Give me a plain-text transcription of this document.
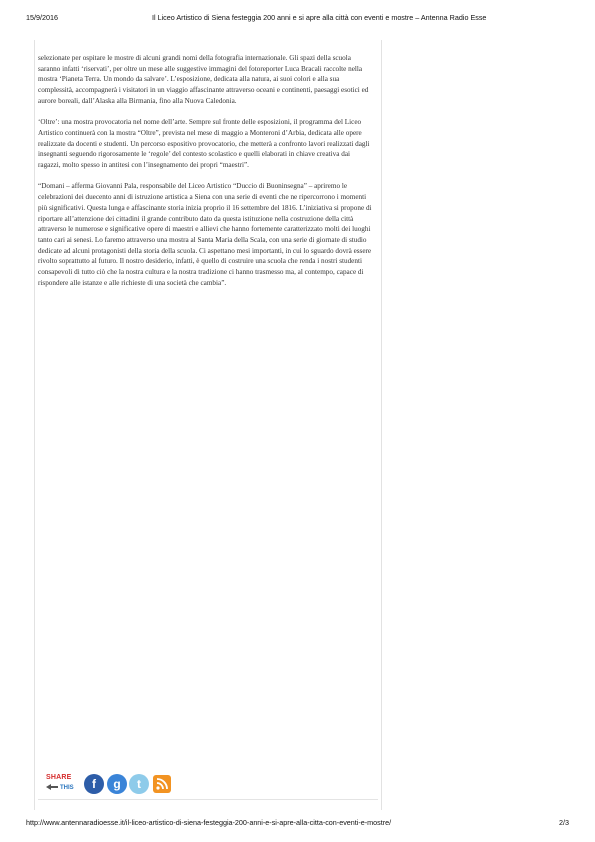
15/9/2016	Il Liceo Artistico di Siena festeggia 200 anni e si apre alla città con eventi e mostre – Antenna Radio Esse

selezionate per ospitare le mostre di alcuni grandi nomi della fotografia internazionale. Gli spazi della scuola saranno infatti ‘riservati’, per oltre un mese alle suggestive immagini del fotoreporter Luca Bracali raccolte nella mostra ‘Pianeta Terra. Un mondo da salvare’. L’esposizione, dedicata alla natura, ai suoi colori e alla sua complessità, accompagnerà i visitatori in un viaggio affascinante attraverso oceani e continenti, paesaggi esotici ed aurore boreali, dall’Alaska alla Birmania, fino alla Nuova Caledonia.

‘Oltre’: una mostra provocatoria nel nome dell’arte. Sempre sul fronte delle esposizioni, il programma del Liceo Artistico continuerà con la mostra “Oltre”, prevista nel mese di maggio a Monteroni d’Arbia, dedicata alle opere realizzate da docenti e studenti. Un percorso espositivo provocatorio, che metterà a confronto lavori realizzati dagli insegnanti seguendo rigorosamente le ‘regole’ del contesto scolastico e quelli elaborati in chiave creativa dai ragazzi, molto spesso in antitesi con l’insegnamento dei propri “maestri”.

“Domani – afferma Giovanni Pala, responsabile del Liceo Artistico “Duccio di Buoninsegna” – apriremo le celebrazioni dei duecento anni di istruzione artistica a Siena con una serie di eventi che ne ripercorrono i momenti più significativi. Questa lunga e affascinante storia inizia proprio il 16 settembre del 1816. L’iniziativa si propone di riportare all’attenzione dei cittadini il grande contributo dato da questa istituzione nella costruzione della città attraverso le numerose e significative opere di maestri e allievi che hanno fortemente caratterizzato molti dei luoghi tanto cari ai senesi. Lo faremo attraverso una mostra al Santa Maria della Scala, con una serie di giornate di studio dedicate ad alcuni protagonisti della storia della scuola. Ci aspettano mesi importanti, in cui lo sguardo dovrà essere rivolto soprattutto al futuro. Il nostro desiderio, infatti, è quello di costruire una scuola che renda i nostri studenti consapevoli di tutto ciò che la nostra cultura e la nostra tradizione ci hanno trasmesso ma, al contempo, capace di rispondere alle istanze e alle richieste di una società che cambia”.

SHARE
THIS	f	g	t
http://www.antennaradioesse.it/il-liceo-artistico-di-siena-festeggia-200-anni-e-si-apre-alla-citta-con-eventi-e-mostre/	2/3
